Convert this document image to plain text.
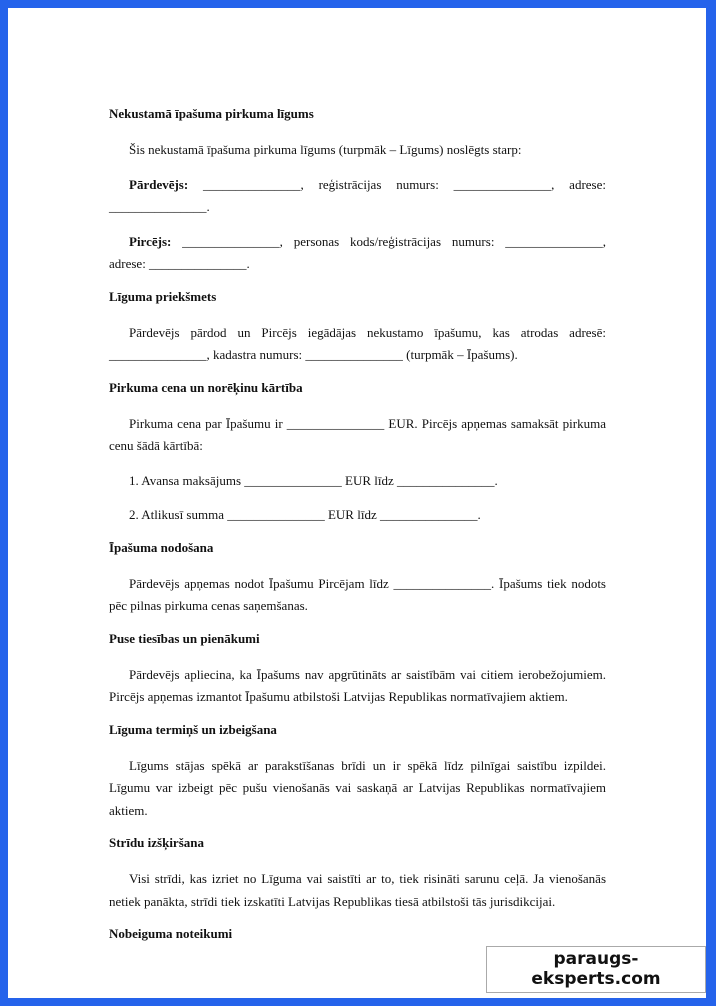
Nekustamā īpašuma pirkuma līgums

Šis nekustamā īpašuma pirkuma līgums (turpmāk – Līgums) noslēgts starp:

Pārdevējs: _______________, reģistrācijas numurs: _______________, adrese: _______________.

Pircējs: _______________, personas kods/reģistrācijas numurs: _______________, adrese: _______________.

Līguma priekšmets

Pārdevējs pārdod un Pircējs iegādājas nekustamo īpašumu, kas atrodas adresē: _______________, kadastra numurs: _______________ (turpmāk – Īpašums).

Pirkuma cena un norēķinu kārtība

Pirkuma cena par Īpašumu ir _______________ EUR. Pircējs apņemas samaksāt pirkuma cenu šādā kārtībā:

1. Avansa maksājums _______________ EUR līdz _______________.

2. Atlikusī summa _______________ EUR līdz _______________.

Īpašuma nodošana

Pārdevējs apņemas nodot Īpašumu Pircējam līdz _______________. Īpašums tiek nodots pēc pilnas pirkuma cenas saņemšanas.

Puse tiesības un pienākumi

Pārdevējs apliecina, ka Īpašums nav apgrūtināts ar saistībām vai citiem ierobežojumiem. Pircējs apņemas izmantot Īpašumu atbilstoši Latvijas Republikas normatīvajiem aktiem.

Līguma termiņš un izbeigšana

Līgums stājas spēkā ar parakstīšanas brīdi un ir spēkā līdz pilnīgai saistību izpildei. Līgumu var izbeigt pēc pušu vienošanās vai saskaņā ar Latvijas Republikas normatīvajiem aktiem.

Strīdu izšķiršana

Visi strīdi, kas izriet no Līguma vai saistīti ar to, tiek risināti sarunu ceļā. Ja vienošanās netiek panākta, strīdi tiek izskatīti Latvijas Republikas tiesā atbilstoši tās jurisdikcijai.

Nobeiguma noteikumi
paraugs-eksperts.com
